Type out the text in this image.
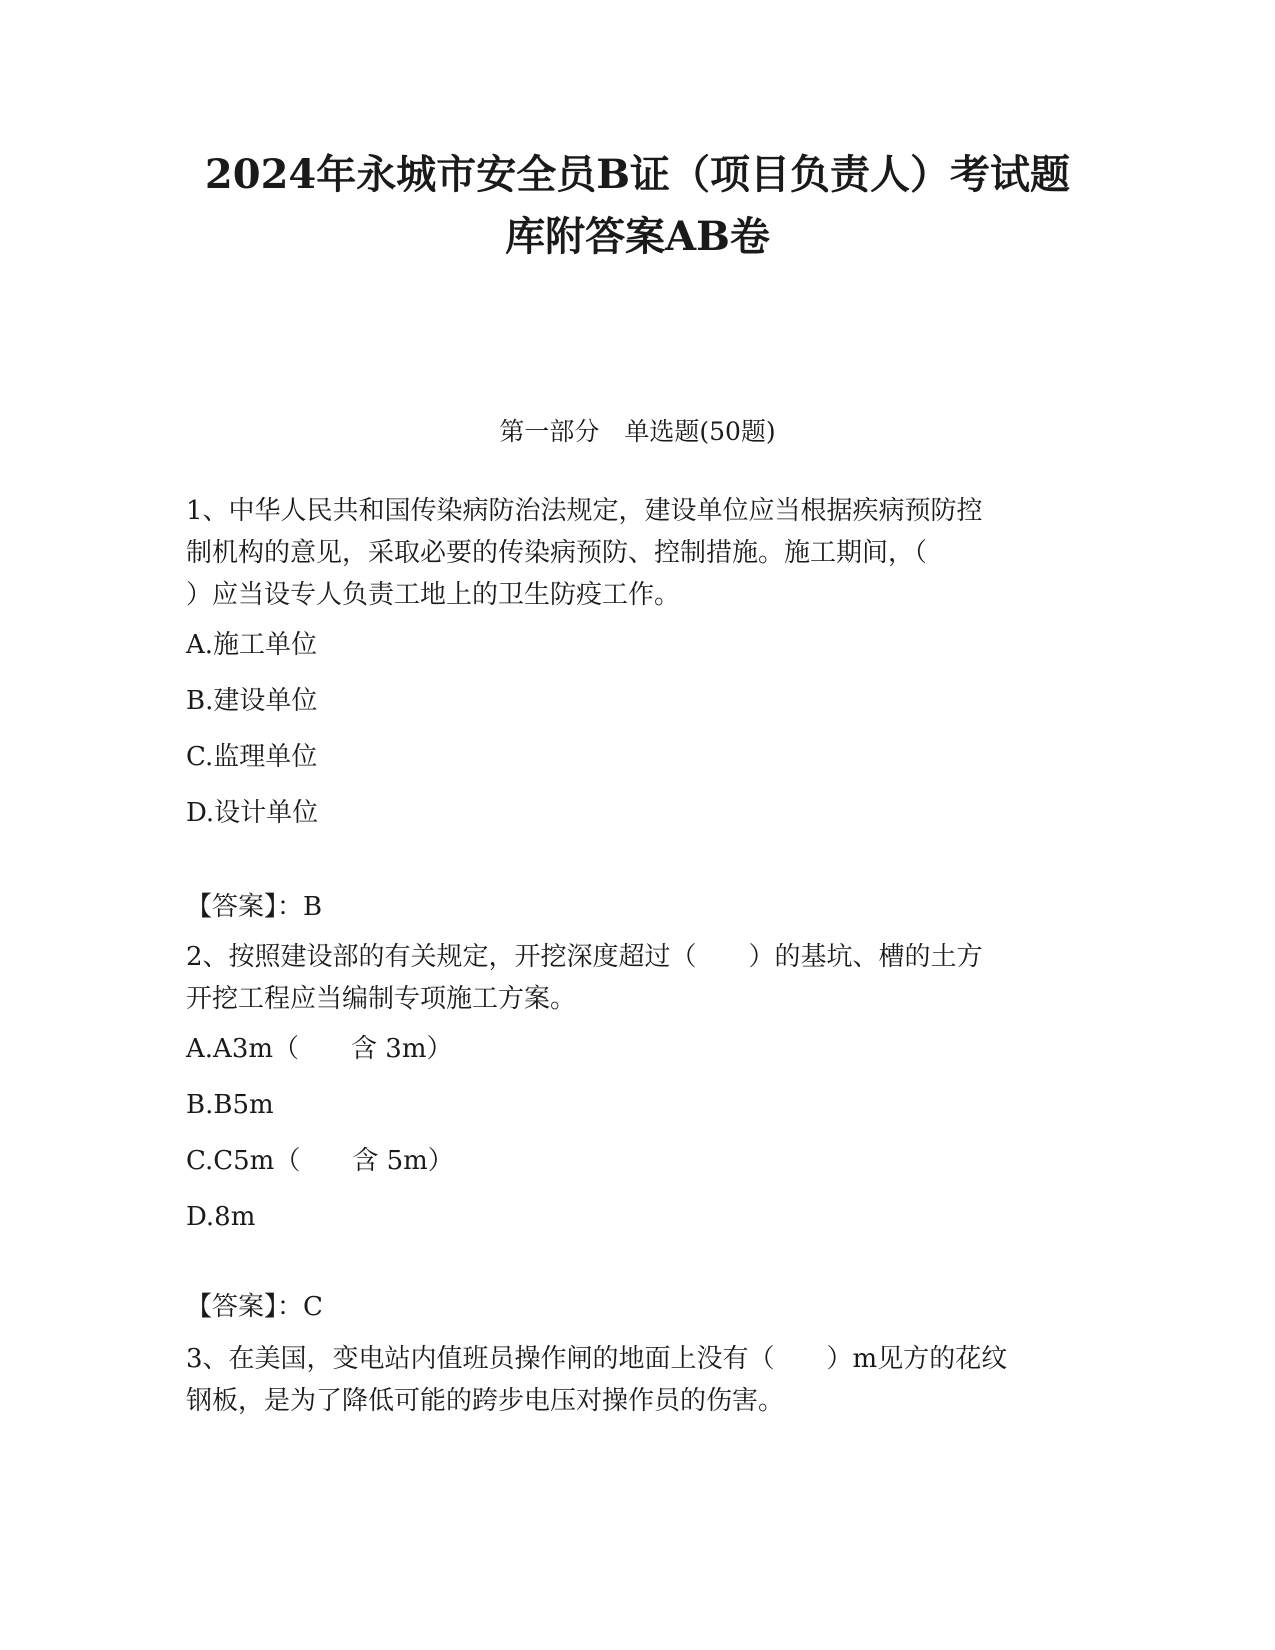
2024年永城市安全员B证（项目负责人）考试题
库附答案AB卷
第一部分　单选题(50题)

1、中华人民共和国传染病防治法规定，建设单位应当根据疾病预防控

制机构的意见，采取必要的传染病预防、控制措施。施工期间，（

）应当设专人负责工地上的卫生防疫工作。

A.施工单位

B.建设单位

C.监理单位

D.设计单位

【答案】：B

2、按照建设部的有关规定，开挖深度超过（　　）的基坑、槽的土方

开挖工程应当编制专项施工方案。

A.A3m（　　含 3m）

B.B5m

C.C5m（　　含 5m）

D.8m

【答案】：C

3、在美国，变电站内值班员操作闸的地面上没有（　　）m见方的花纹

钢板，是为了降低可能的跨步电压对操作员的伤害。
